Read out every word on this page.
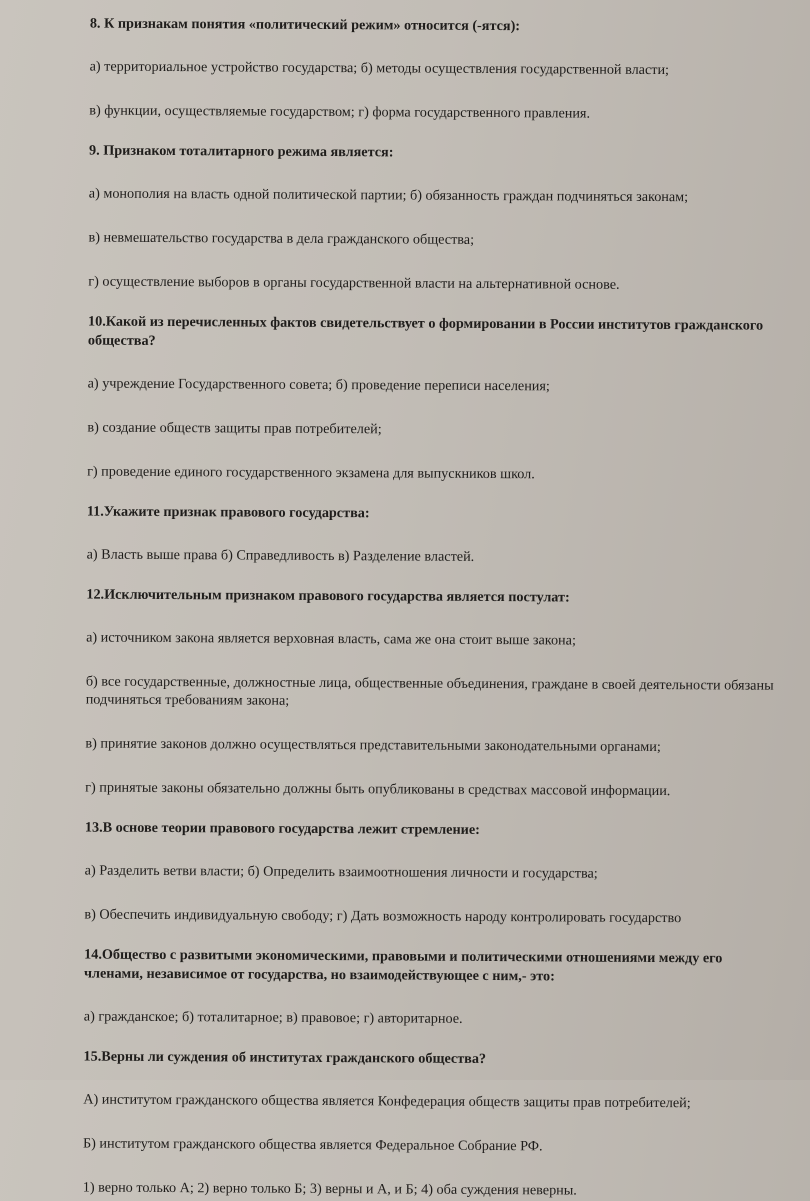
8. К признакам понятия «политический режим» относится (-ятся):

а) территориальное устройство государства; б) методы осуществления государственной власти;

в) функции, осуществляемые государством; г) форма государственного правления.

9. Признаком тоталитарного режима является:

а) монополия на власть одной политической партии; б) обязанность граждан подчиняться законам;

в) невмешательство государства в дела гражданского общества;

г) осуществление выборов в органы государственной власти на альтернативной основе.

10.Какой из перечисленных фактов свидетельствует о формировании в России институтов гражданского общества?

а) учреждение Государственного совета; б) проведение переписи населения;

в) создание обществ защиты прав потребителей;

г) проведение единого государственного экзамена для выпускников школ.

11.Укажите признак правового государства:

а) Власть выше права б) Справедливость в) Разделение властей.

12.Исключительным признаком правового государства является постулат:

а) источником закона является верховная власть, сама же она стоит выше закона;

б) все государственные, должностные лица, общественные объединения, граждане в своей деятельности обязаны подчиняться требованиям закона;

в) принятие законов должно осуществляться представительными законодательными органами;

г) принятые законы обязательно должны быть опубликованы в средствах массовой информации.

13.В основе теории правового государства лежит стремление:

а) Разделить ветви власти; б) Определить взаимоотношения личности и государства;

в) Обеспечить индивидуальную свободу; г) Дать возможность народу контролировать государство

14.Общество с развитыми экономическими, правовыми и политическими отношениями между его членами, независимое от государства, но взаимодействующее с ним,- это:

а) гражданское; б) тоталитарное; в) правовое; г) авторитарное.

15.Верны ли суждения об институтах гражданского общества?

А) институтом гражданского общества является Конфедерация обществ защиты прав потребителей;

Б) институтом гражданского общества является Федеральное Собрание РФ.

1) верно только А; 2) верно только Б; 3) верны и А, и Б; 4) оба суждения неверны.
